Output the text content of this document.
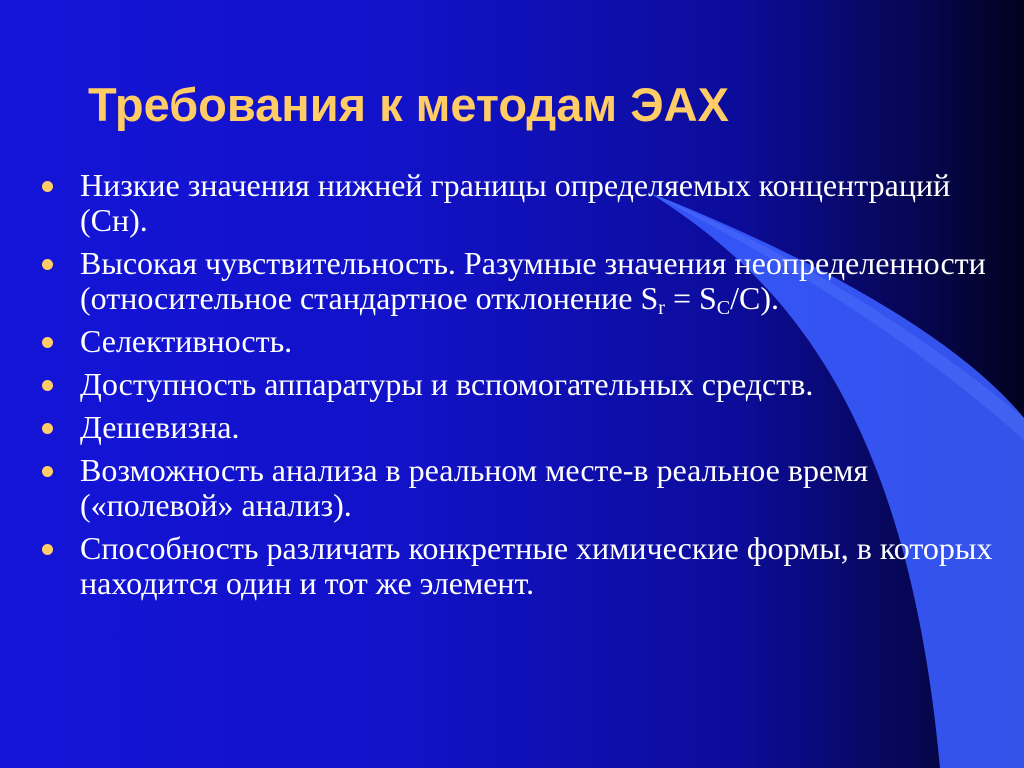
Требования к методам ЭАХ
Низкие значения нижней границы определяемых концентраций (Cн).
Высокая чувствительность. Разумные значения неопределенности (относительное стандартное отклонение $S_r = S_C/C$).
Селективность.
Доступность аппаратуры и вспомогательных средств.
Дешевизна.
Возможность анализа в реальном месте-в реальное время («полевой» анализ).
Способность различать конкретные химические формы, в которых находится один и тот же элемент.
